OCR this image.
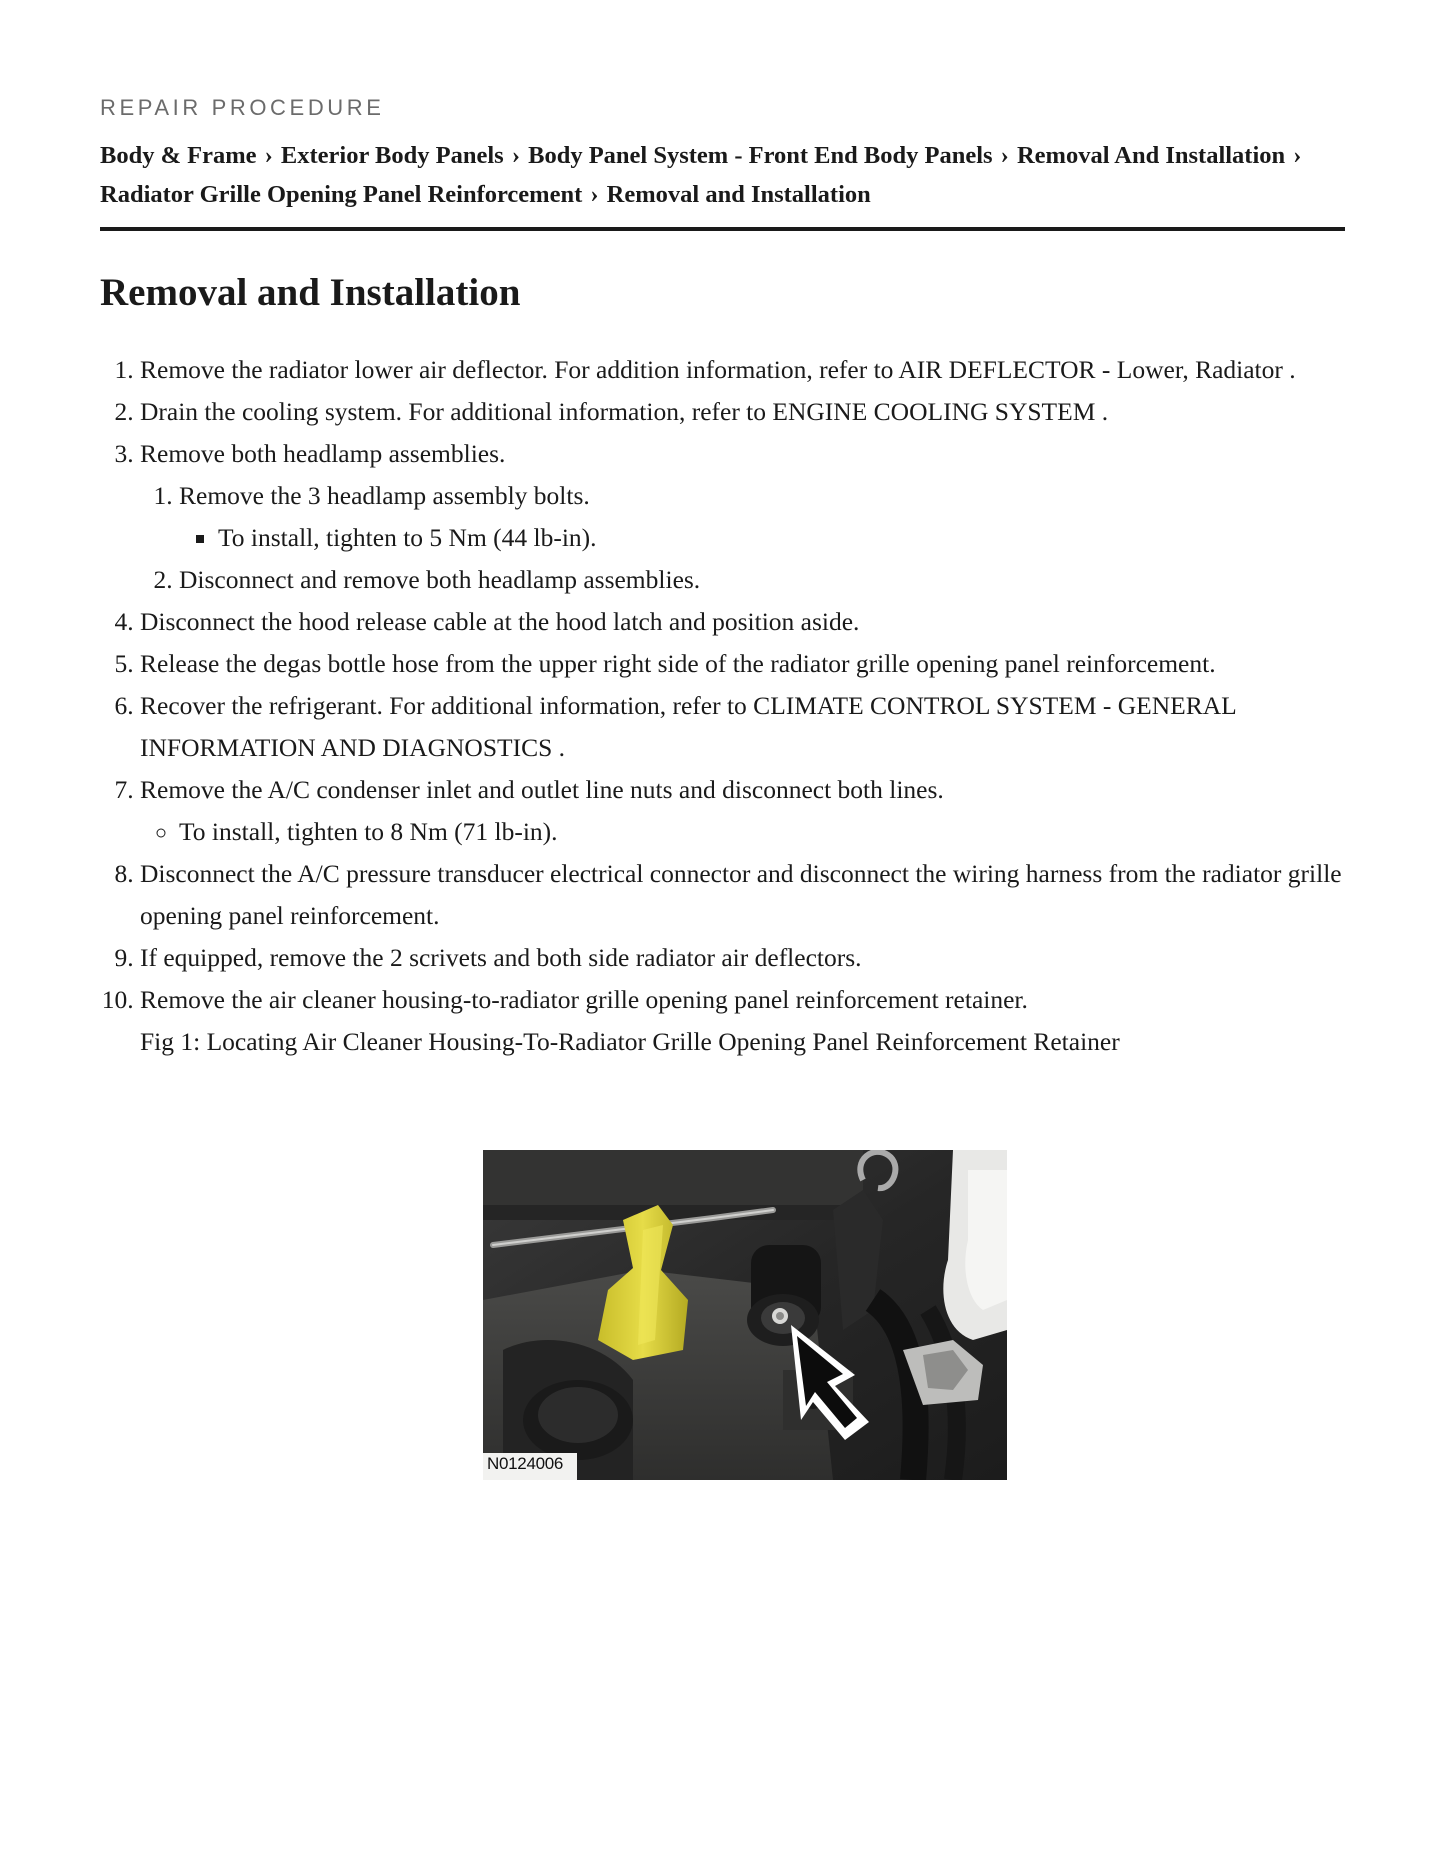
REPAIR PROCEDURE
Body & Frame › Exterior Body Panels › Body Panel System - Front End Body Panels › Removal And Installation › Radiator Grille Opening Panel Reinforcement › Removal and Installation
Removal and Installation
1. Remove the radiator lower air deflector. For addition information, refer to AIR DEFLECTOR - Lower, Radiator .
2. Drain the cooling system. For additional information, refer to ENGINE COOLING SYSTEM .
3. Remove both headlamp assemblies.
1. Remove the 3 headlamp assembly bolts.
▪ To install, tighten to 5 Nm (44 lb-in).
2. Disconnect and remove both headlamp assemblies.
4. Disconnect the hood release cable at the hood latch and position aside.
5. Release the degas bottle hose from the upper right side of the radiator grille opening panel reinforcement.
6. Recover the refrigerant. For additional information, refer to CLIMATE CONTROL SYSTEM - GENERAL INFORMATION AND DIAGNOSTICS .
7. Remove the A/C condenser inlet and outlet line nuts and disconnect both lines.
◦ To install, tighten to 8 Nm (71 lb-in).
8. Disconnect the A/C pressure transducer electrical connector and disconnect the wiring harness from the radiator grille opening panel reinforcement.
9. If equipped, remove the 2 scrivets and both side radiator air deflectors.
10. Remove the air cleaner housing-to-radiator grille opening panel reinforcement retainer.
Fig 1: Locating Air Cleaner Housing-To-Radiator Grille Opening Panel Reinforcement Retainer
N0124006
